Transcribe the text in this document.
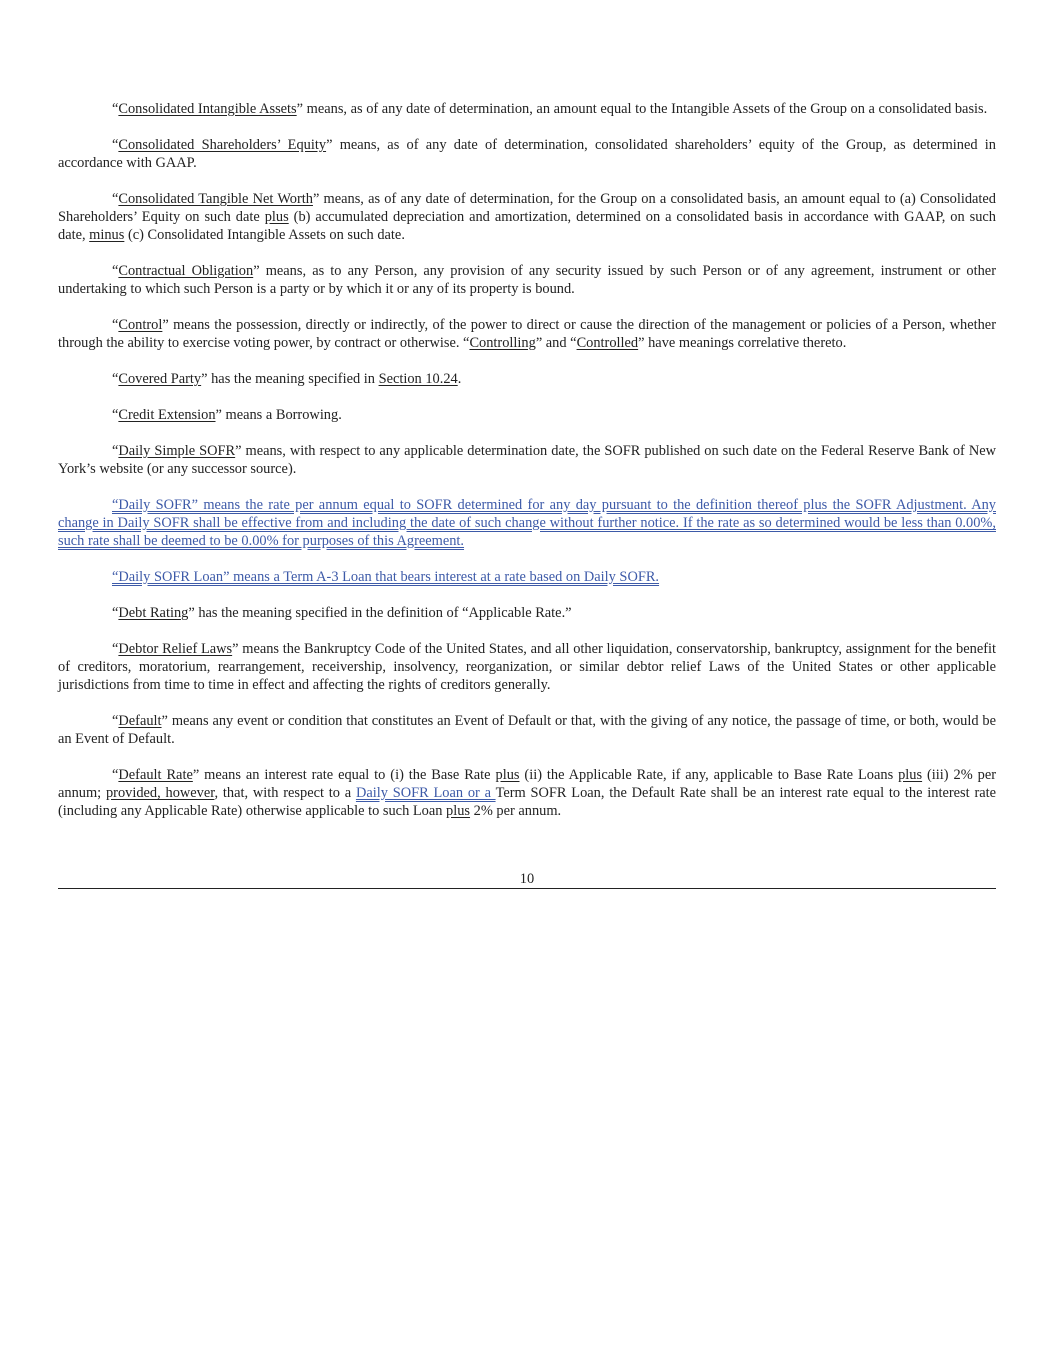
“Consolidated Intangible Assets” means, as of any date of determination, an amount equal to the Intangible Assets of the Group on a consolidated basis.

“Consolidated Shareholders’ Equity” means, as of any date of determination, consolidated shareholders’ equity of the Group, as determined in accordance with GAAP.

“Consolidated Tangible Net Worth” means, as of any date of determination, for the Group on a consolidated basis, an amount equal to (a) Consolidated Shareholders’ Equity on such date plus (b) accumulated depreciation and amortization, determined on a consolidated basis in accordance with GAAP, on such date, minus (c) Consolidated Intangible Assets on such date.

“Contractual Obligation” means, as to any Person, any provision of any security issued by such Person or of any agreement, instrument or other undertaking to which such Person is a party or by which it or any of its property is bound.

“Control” means the possession, directly or indirectly, of the power to direct or cause the direction of the management or policies of a Person, whether through the ability to exercise voting power, by contract or otherwise. “Controlling” and “Controlled” have meanings correlative thereto.

“Covered Party” has the meaning specified in Section 10.24.

“Credit Extension” means a Borrowing.

“Daily Simple SOFR” means, with respect to any applicable determination date, the SOFR published on such date on the Federal Reserve Bank of New York’s website (or any successor source).

“Daily SOFR” means the rate per annum equal to SOFR determined for any day pursuant to the definition thereof plus the SOFR Adjustment. Any change in Daily SOFR shall be effective from and including the date of such change without further notice. If the rate as so determined would be less than 0.00%, such rate shall be deemed to be 0.00% for purposes of this Agreement.

“Daily SOFR Loan” means a Term A-3 Loan that bears interest at a rate based on Daily SOFR.

“Debt Rating” has the meaning specified in the definition of “Applicable Rate.”

“Debtor Relief Laws” means the Bankruptcy Code of the United States, and all other liquidation, conservatorship, bankruptcy, assignment for the benefit of creditors, moratorium, rearrangement, receivership, insolvency, reorganization, or similar debtor relief Laws of the United States or other applicable jurisdictions from time to time in effect and affecting the rights of creditors generally.

“Default” means any event or condition that constitutes an Event of Default or that, with the giving of any notice, the passage of time, or both, would be an Event of Default.

“Default Rate” means an interest rate equal to (i) the Base Rate plus (ii) the Applicable Rate, if any, applicable to Base Rate Loans plus (iii) 2% per annum; provided, however, that, with respect to a Daily SOFR Loan or a Term SOFR Loan, the Default Rate shall be an interest rate equal to the interest rate (including any Applicable Rate) otherwise applicable to such Loan plus 2% per annum.

10
